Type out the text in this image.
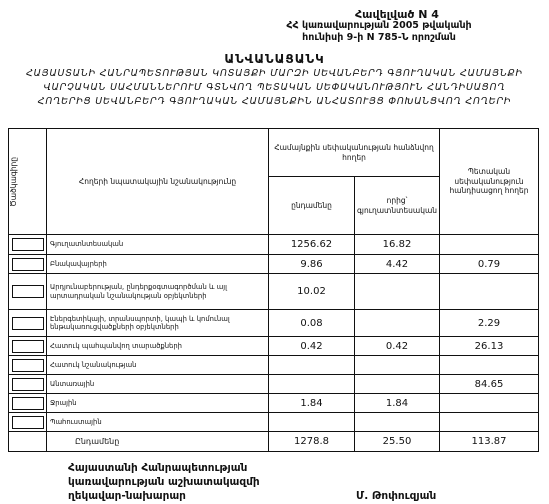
Հավելված N 4
ՀՀ կառավարության 2005 թվականի
հունիսի 9-ի N 785-Ն որոշման
ԱՆՎԱՆԱՑԱՆԿ
ՀԱՅԱՍՏԱՆԻ ՀԱՆՐԱՊԵՏՈՒԹՅԱՆ ԿՈՏԱՅՔԻ ՄԱՐԶԻ ՍԵՎԱՆԲԵՐԴ ԳՅՈՒՂԱԿԱՆ ՀԱՄԱՅՆՔԻ
ՎԱՐՉԱԿԱՆ ՍԱՀՄԱՆՆԵՐՈՒՄ ԳՏՆՎՈՂ ՊԵՏԱԿԱՆ ՍԵՓԱԿԱՆՈՒԹՅՈՒՆ ՀԱՆԴԻՍԱՑՈՂ
ՀՈՂԵՐԻՑ ՍԵՎԱՆԲԵՐԴ ԳՅՈՒՂԱԿԱՆ ՀԱՄԱՅՆՔԻՆ ԱՆՀԱՏՈՒՅՑ ՓՈԽԱՆՑՎՈՂ ՀՈՂԵՐԻ
Ծածկագիրը	Հողերի նպատակային նշանակությունը	Համայնքին սեփականության հանձնվող հողեր		Պետական սեփականություն հանդիսացող հողեր
		ընդամենը	որից՝ գյուղատնտեսական	

	Գյուղատնտեսական	1256.62	16.82	

	Բնակավայրերի	9.86	4.42	0.79

	Արդյունաբերության, ընդերքօգտագործման և այլ արտադրական նշանակության օբյեկտների	10.02		

	Էներգետիկայի, տրանսպորտի, կապի և կոմունալ ենթակառուցվածքների օբյեկտների	0.08		2.29

	Հատուկ պահպանվող տարածքների	0.42	0.42	26.13

	Հատուկ նշանակության			

	Անտառային			84.65

	Ջրային	1.84	1.84	

	Պահուստային			
	Ընդամենը	1278.8	25.50	113.87
Հայաստանի Հանրապետության
կառավարության աշխատակազմի
ղեկավար-նախարար	Մ. Թոփուզյան
